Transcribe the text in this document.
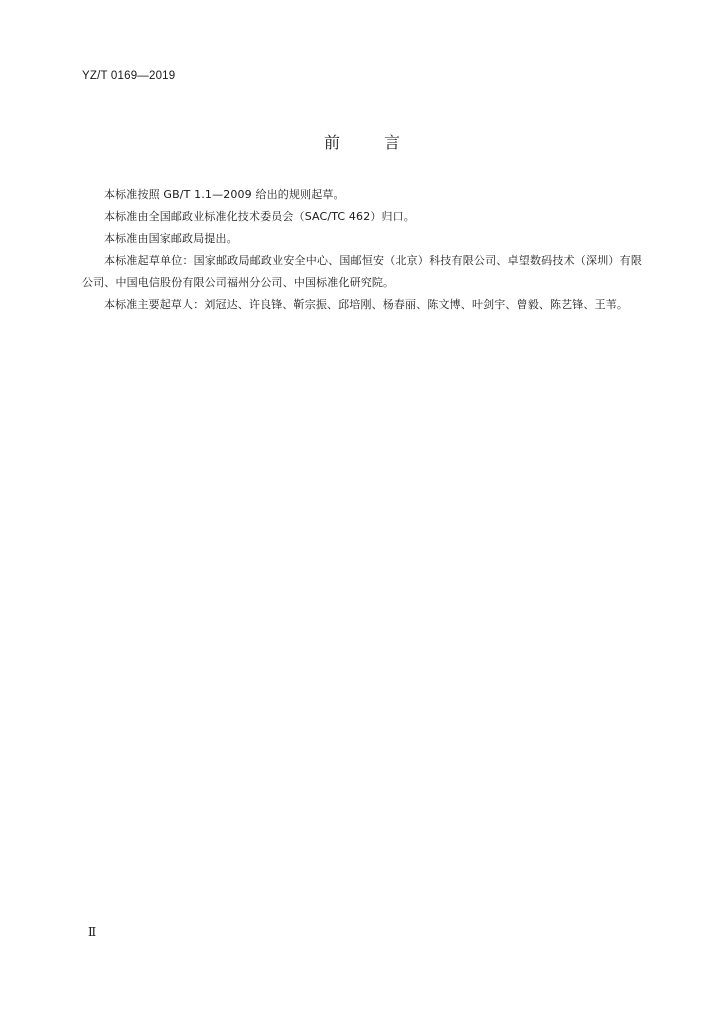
YZ/T 0169—2019
前	言

本标准按照 GB/T 1.1—2009 给出的规则起草。

本标准由全国邮政业标准化技术委员会（SAC/TC 462）归口。

本标准由国家邮政局提出。

本标准起草单位：国家邮政局邮政业安全中心、国邮恒安（北京）科技有限公司、卓望数码技术（深圳）有限公司、中国电信股份有限公司福州分公司、中国标准化研究院。

本标准主要起草人：刘冠达、许良锋、靳宗振、邱培刚、杨春丽、陈文博、叶剑宇、曾毅、陈艺锋、王苇。

Ⅱ
